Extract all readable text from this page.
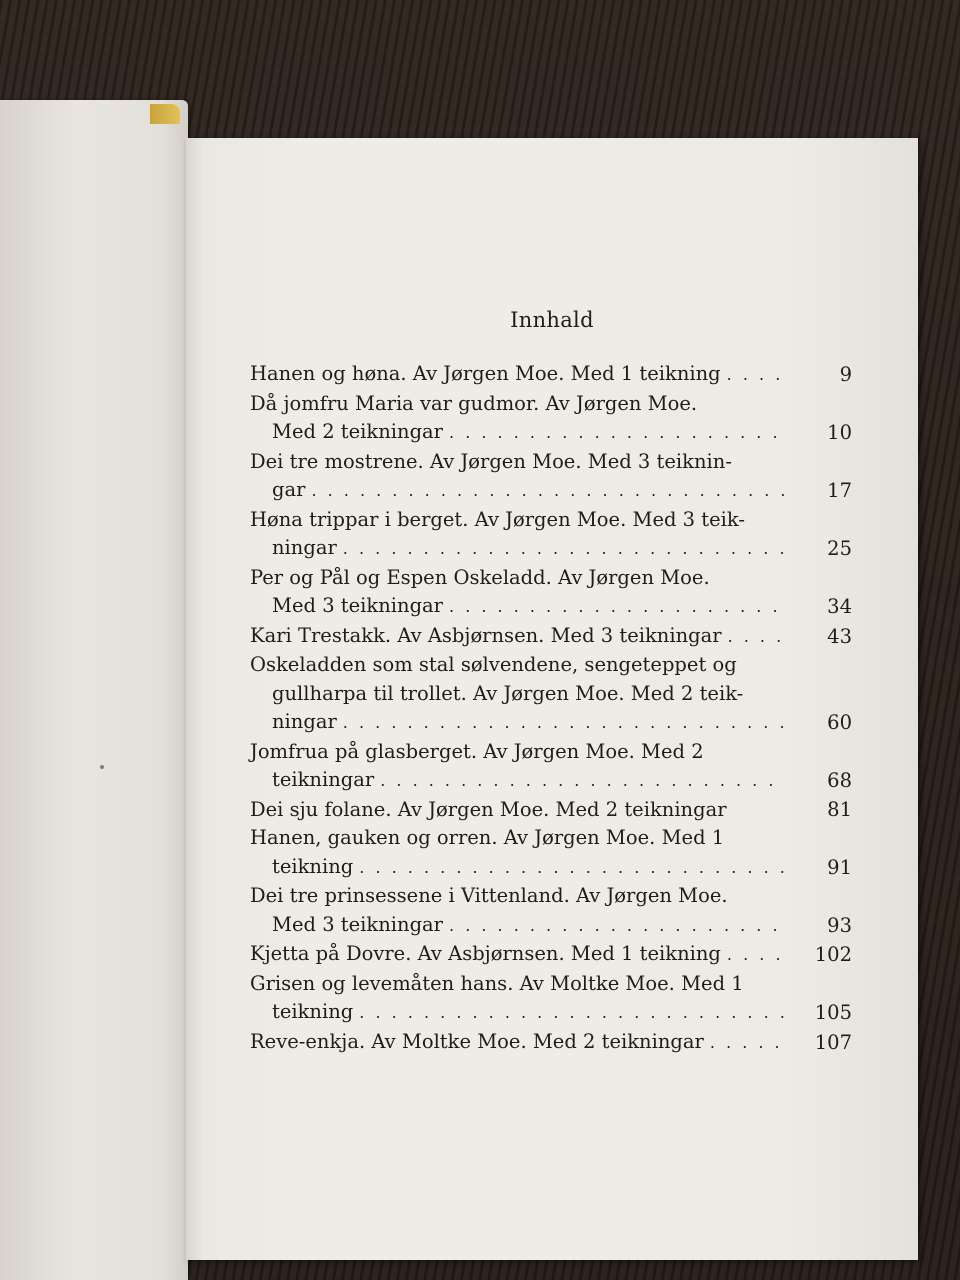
Innhald
Hanen og høna. Av Jørgen Moe. Med 1 teikning . . .	9
Då jomfru Maria var gudmor. Av Jørgen Moe.
Med 2 teikningar . . .	10
Dei tre mostrene. Av Jørgen Moe. Med 3 teiknin-
gar . . .	17
Høna trippar i berget. Av Jørgen Moe. Med 3 teik-
ningar . . .	25
Per og Pål og Espen Oskeladd. Av Jørgen Moe.
Med 3 teikningar . . .	34
Kari Trestakk. Av Asbjørnsen. Med 3 teikningar . . .	43
Oskeladden som stal sølvendene, sengeteppet og
gullharpa til trollet. Av Jørgen Moe. Med 2 teik-
ningar . . .	60
Jomfrua på glasberget. Av Jørgen Moe. Med 2
teikningar . . .	68
Dei sju folane. Av Jørgen Moe. Med 2 teikningar	81
Hanen, gauken og orren. Av Jørgen Moe. Med 1
teikning . . .	91
Dei tre prinsessene i Vittenland. Av Jørgen Moe.
Med 3 teikningar . . .	93
Kjetta på Dovre. Av Asbjørnsen. Med 1 teikning . . .	102
Grisen og levemåten hans. Av Moltke Moe. Med 1
teikning . . .	105
Reve-enkja. Av Moltke Moe. Med 2 teikningar . . .	107
